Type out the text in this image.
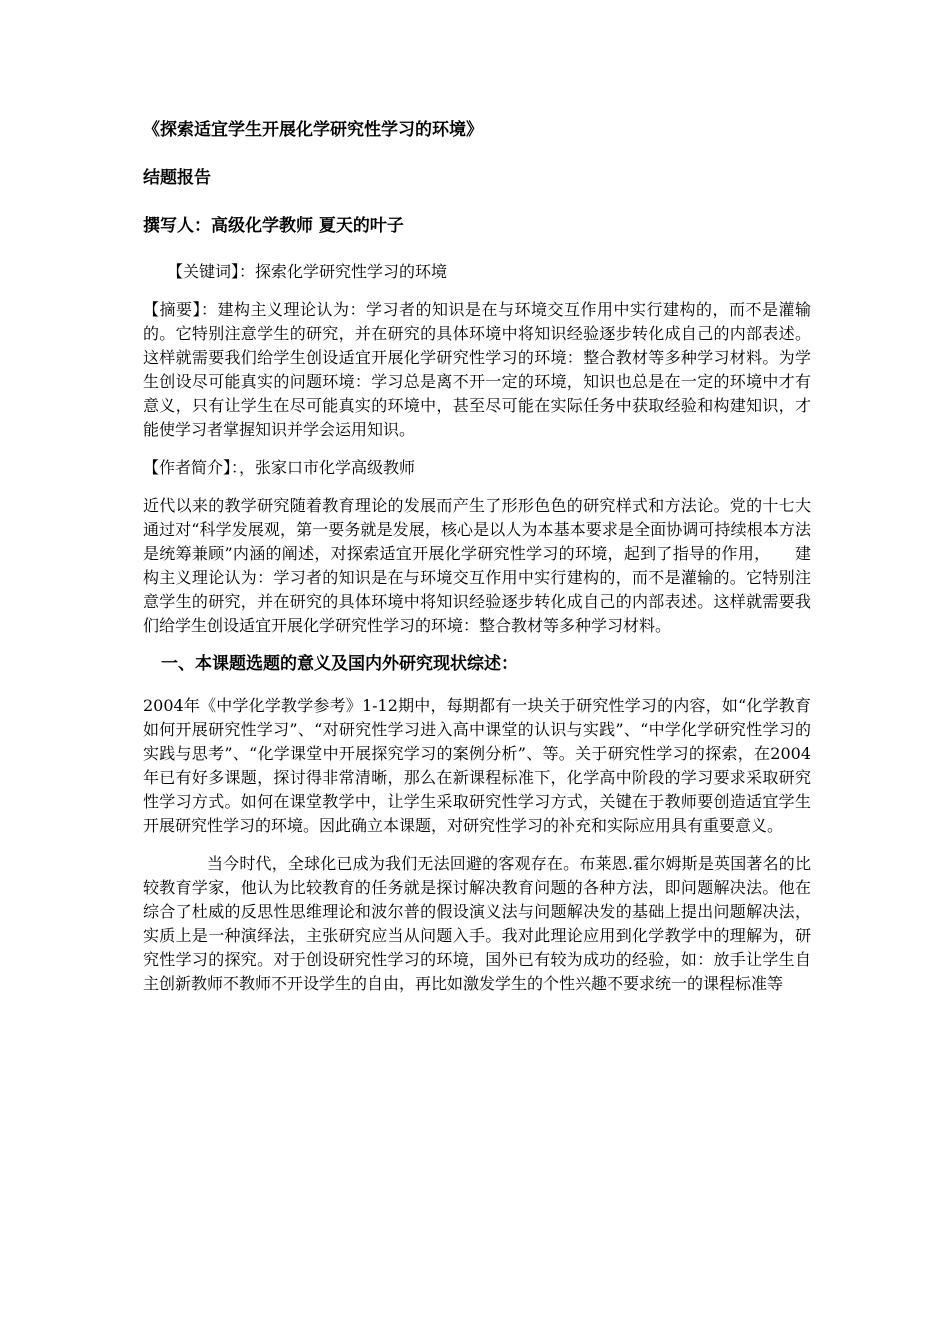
《探索适宜学生开展化学研究性学习的环境》
结题报告
撰写人：高级化学教师 夏天的叶子
【关键词】：探索化学研究性学习的环境
【摘要】：建构主义理论认为：学习者的知识是在与环境交互作用中实行建构的，而不是灌输的。它特别注意学生的研究，并在研究的具体环境中将知识经验逐步转化成自己的内部表述。这样就需要我们给学生创设适宜开展化学研究性学习的环境：整合教材等多种学习材料。为学生创设尽可能真实的问题环境：学习总是离不开一定的环境，知识也总是在一定的环境中才有意义，只有让学生在尽可能真实的环境中，甚至尽可能在实际任务中获取经验和构建知识，才能使学习者掌握知识并学会运用知识。
【作者简介】：，张家口市化学高级教师
近代以来的教学研究随着教育理论的发展而产生了形形色色的研究样式和方法论。党的十七大通过对“科学发展观，第一要务就是发展，核心是以人为本基本要求是全面协调可持续根本方法是统筹兼顾”内涵的阐述，对探索适宜开展化学研究性学习的环境，起到了指导的作用，　　建构主义理论认为：学习者的知识是在与环境交互作用中实行建构的，而不是灌输的。它特别注意学生的研究，并在研究的具体环境中将知识经验逐步转化成自己的内部表述。这样就需要我们给学生创设适宜开展化学研究性学习的环境：整合教材等多种学习材料。
一、本课题选题的意义及国内外研究现状综述：
2004年《中学化学教学参考》1-12期中，每期都有一块关于研究性学习的内容，如“化学教育如何开展研究性学习”、“对研究性学习进入高中课堂的认识与实践”、“中学化学研究性学习的实践与思考”、“化学课堂中开展探究学习的案例分析”、等。关于研究性学习的探索，在2004年已有好多课题，探讨得非常清晰，那么在新课程标准下，化学高中阶段的学习要求采取研究性学习方式。如何在课堂教学中，让学生采取研究性学习方式，关键在于教师要创造适宜学生开展研究性学习的环境。因此确立本课题，对研究性学习的补充和实际应用具有重要意义。
当今时代，全球化已成为我们无法回避的客观存在。布莱恩.霍尔姆斯是英国著名的比较教育学家，他认为比较教育的任务就是探讨解决教育问题的各种方法，即问题解决法。他在综合了杜威的反思性思维理论和波尔普的假设演义法与问题解决发的基础上提出问题解决法，实质上是一种演绎法，主张研究应当从问题入手。我对此理论应用到化学教学中的理解为，研究性学习的探究。对于创设研究性学习的环境，国外已有较为成功的经验，如：放手让学生自主创新教师不教师不开设学生的自由，再比如激发学生的个性兴趣不要求统一的课程标准等
